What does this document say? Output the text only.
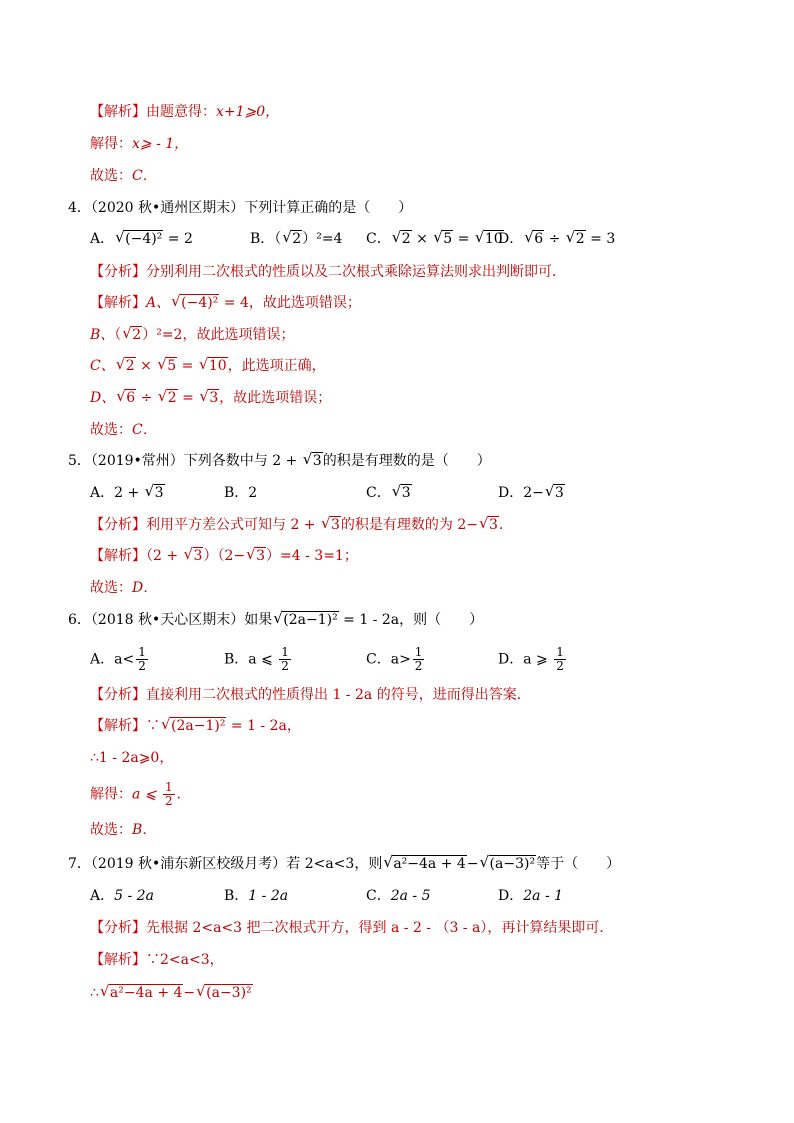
【解析】由题意得：x+1⩾0，
解得：x⩾ - 1，
故选：C．
4．（2020 秋•通州区期末）下列计算正确的是（　　）
A． √ (−4)² = 2	B．（ √ 2）²=4 C． √ 2 × √ 5 = √ 10
D． √ 6 ÷ √ 2 = 3
【分析】分别利用二次根式的性质以及二次根式乘除运算法则求出判断即可．
【解析】A、 √ (−4)² = 4，故此选项错误；
B、（ √ 2）²=2，故此选项错误；
C、 √ 2 × √ 5 = √ 10，此选项正确，
D、 √ 6 ÷ √ 2 = √ 3，故此选项错误；
故选：C．
5．（2019•常州）下列各数中与 2 + √ 3的积是有理数的是（　　）
A．2 + √ 3	B．2	C． √ 3	D．2− √ 3
【分析】利用平方差公式可知与 2 + √ 3的积是有理数的为 2− √ 3．
【解析】（2 + √ 3）（2− √ 3）=4 - 3=1；
故选：D．
6．（2018 秋•天心区期末）如果 √ (2a−1)² = 1 - 2a，则（　　）
A．$a< \frac{1}{2}$	B．a ⩽ $\frac{1}{2}$	C．$a> \frac{1}{2}$	D．a ⩾ $\frac{1}{2}$
【分析】直接利用二次根式的性质得出 1 - 2a 的符号，进而得出答案．
【解析】∵ √ (2a−1)² = 1 - 2a，
∴1 - 2a⩾0，
解得：a ⩽ $\frac{1}{2}$ ．
故选：B．
7．（2019 秋•浦东新区校级月考）若 2<a<3，则 √ a²−4a + 4− √ (a−3)²等于（　　）
A．5 - 2a	B．1 - 2a	C．2a - 5	D．2a - 1
【分析】先根据 2<a<3 把二次根式开方，得到 a - 2 - （3 - a），再计算结果即可．
【解析】∵2<a<3，
∴ √ a²−4a + 4− √ (a−3)²
